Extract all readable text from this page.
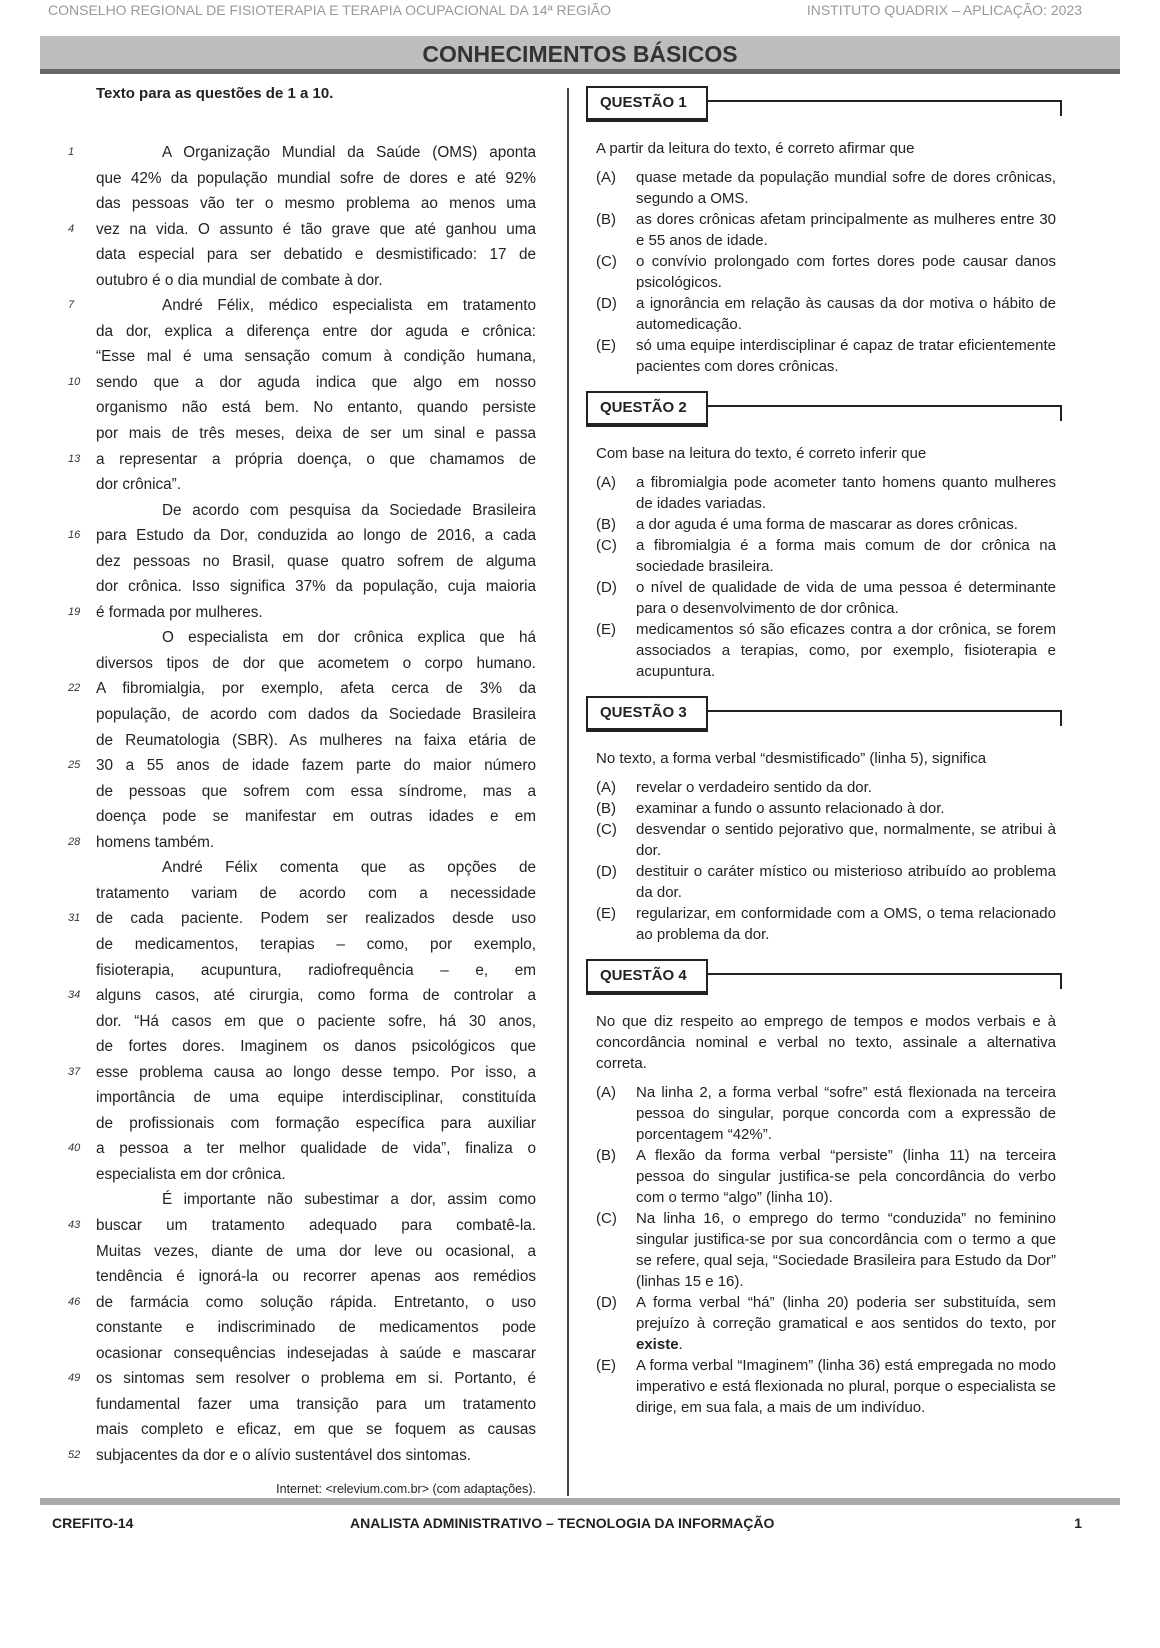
CONSELHO REGIONAL DE FISIOTERAPIA E TERAPIA OCUPACIONAL DA 14ª REGIÃO	INSTITUTO QUADRIX – APLICAÇÃO: 2023
CONHECIMENTOS BÁSICOS
Texto para as questões de 1 a 10.
1	A Organização Mundial da Saúde (OMS) aponta
que 42% da população mundial sofre de dores e até 92%
das pessoas vão ter o mesmo problema ao menos uma
4 vez na vida. O assunto é tão grave que até ganhou uma
data especial para ser debatido e desmistificado: 17 de
outubro é o dia mundial de combate à dor.
7	André Félix, médico especialista em tratamento
da dor, explica a diferença entre dor aguda e crônica:
“Esse mal é uma sensação comum à condição humana,
10 sendo que a dor aguda indica que algo em nosso
organismo não está bem. No entanto, quando persiste
por mais de três meses, deixa de ser um sinal e passa
13 a representar a própria doença, o que chamamos de
dor crônica”.
De acordo com pesquisa da Sociedade Brasileira
16 para Estudo da Dor, conduzida ao longo de 2016, a cada
dez pessoas no Brasil, quase quatro sofrem de alguma
dor crônica. Isso significa 37% da população, cuja maioria
19 é formada por mulheres.
O especialista em dor crônica explica que há
diversos tipos de dor que acometem o corpo humano.
22 A fibromialgia, por exemplo, afeta cerca de 3% da
população, de acordo com dados da Sociedade Brasileira
de Reumatologia (SBR). As mulheres na faixa etária de
25 30 a 55 anos de idade fazem parte do maior número
de pessoas que sofrem com essa síndrome, mas a
doença pode se manifestar em outras idades e em
28 homens também.
André Félix comenta que as opções de
tratamento variam de acordo com a necessidade
31 de cada paciente. Podem ser realizados desde uso
de medicamentos, terapias – como, por exemplo,
fisioterapia, acupuntura, radiofrequência – e, em
34 alguns casos, até cirurgia, como forma de controlar a
dor. “Há casos em que o paciente sofre, há 30 anos,
de fortes dores. Imaginem os danos psicológicos que
37 esse problema causa ao longo desse tempo. Por isso, a
importância de uma equipe interdisciplinar, constituída
de profissionais com formação específica para auxiliar
40 a pessoa a ter melhor qualidade de vida”, finaliza o
especialista em dor crônica.
É importante não subestimar a dor, assim como
43 buscar um tratamento adequado para combatê-la.
Muitas vezes, diante de uma dor leve ou ocasional, a
tendência é ignorá-la ou recorrer apenas aos remédios
46 de farmácia como solução rápida. Entretanto, o uso
constante e indiscriminado de medicamentos pode
ocasionar consequências indesejadas à saúde e mascarar
49 os sintomas sem resolver o problema em si. Portanto, é
fundamental fazer uma transição para um tratamento
mais completo e eficaz, em que se foquem as causas
52 subjacentes da dor e o alívio sustentável dos sintomas.
Internet: <relevium.com.br> (com adaptações).
QUESTÃO 1
A partir da leitura do texto, é correto afirmar que
(A)	quase metade da população mundial sofre de dores crônicas, segundo a OMS.
(B)	as dores crônicas afetam principalmente as mulheres entre 30 e 55 anos de idade.
(C)	o convívio prolongado com fortes dores pode causar danos psicológicos.
(D)	a ignorância em relação às causas da dor motiva o hábito de automedicação.
(E)	só uma equipe interdisciplinar é capaz de tratar eficientemente pacientes com dores crônicas.
QUESTÃO 2
Com base na leitura do texto, é correto inferir que
(A)	a fibromialgia pode acometer tanto homens quanto mulheres de idades variadas.
(B)	a dor aguda é uma forma de mascarar as dores crônicas.
(C)	a fibromialgia é a forma mais comum de dor crônica na sociedade brasileira.
(D)	o nível de qualidade de vida de uma pessoa é determinante para o desenvolvimento de dor crônica.
(E)	medicamentos só são eficazes contra a dor crônica, se forem associados a terapias, como, por exemplo, fisioterapia e acupuntura.
QUESTÃO 3
No texto, a forma verbal “desmistificado” (linha 5), significa
(A)	revelar o verdadeiro sentido da dor.
(B)	examinar a fundo o assunto relacionado à dor.
(C)	desvendar o sentido pejorativo que, normalmente, se atribui à dor.
(D)	destituir o caráter místico ou misterioso atribuído ao problema da dor.
(E)	regularizar, em conformidade com a OMS, o tema relacionado ao problema da dor.
QUESTÃO 4
No que diz respeito ao emprego de tempos e modos verbais e à concordância nominal e verbal no texto, assinale a alternativa correta.
(A)	Na linha 2, a forma verbal “sofre” está flexionada na terceira pessoa do singular, porque concorda com a expressão de porcentagem “42%”.
(B)	A flexão da forma verbal “persiste” (linha 11) na terceira pessoa do singular justifica-se pela concordância do verbo com o termo “algo” (linha 10).
(C)	Na linha 16, o emprego do termo “conduzida” no feminino singular justifica-se por sua concordância com o termo a que se refere, qual seja, “Sociedade Brasileira para Estudo da Dor” (linhas 15 e 16).
(D)	A forma verbal “há” (linha 20) poderia ser substituída, sem prejuízo à correção gramatical e aos sentidos do texto, por existe.
(E)	A forma verbal “Imaginem” (linha 36) está empregada no modo imperativo e está flexionada no plural, porque o especialista se dirige, em sua fala, a mais de um indivíduo.
CREFITO-14	ANALISTA ADMINISTRATIVO – TECNOLOGIA DA INFORMAÇÃO	1
